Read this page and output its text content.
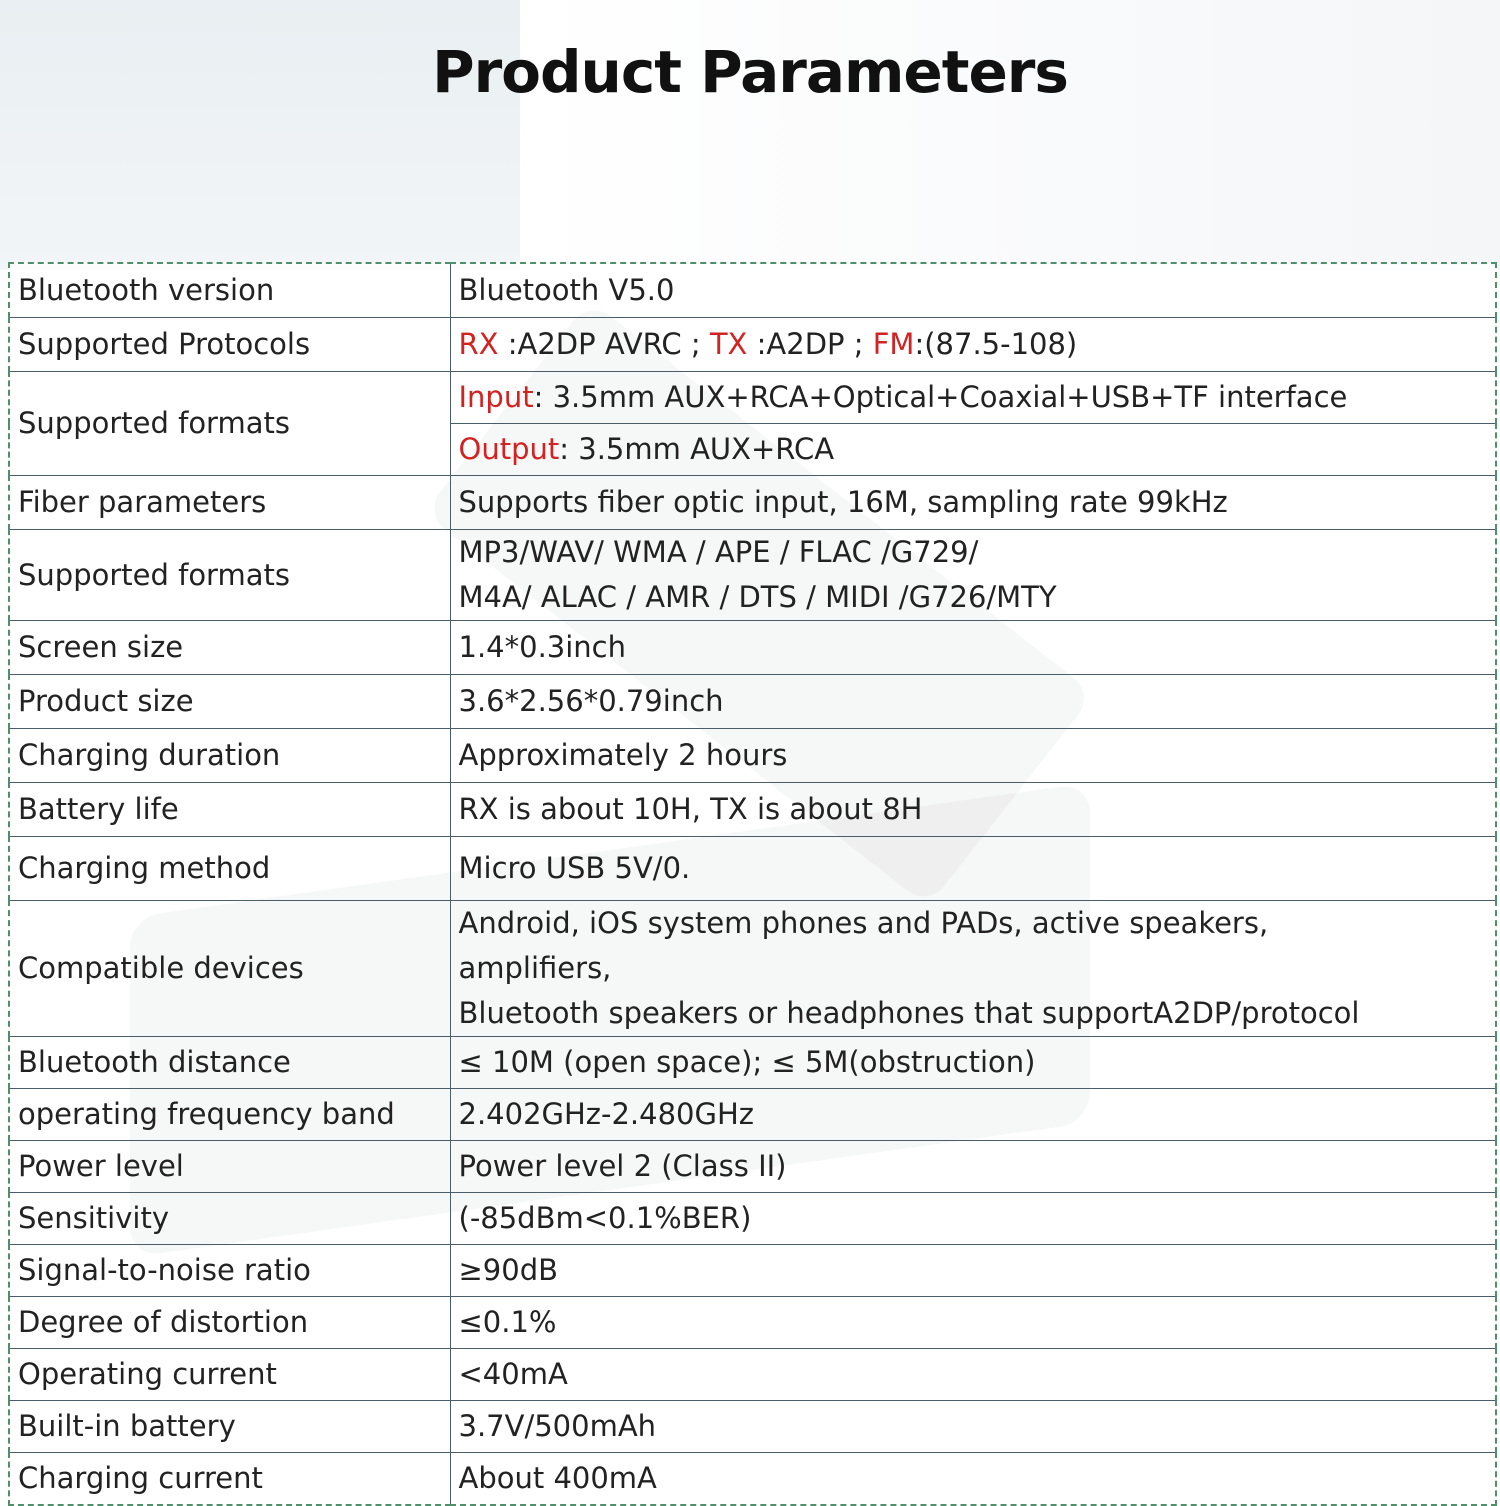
Product Parameters
Bluetooth version	Bluetooth V5.0
Supported Protocols	RX :A2DP AVRC ; TX :A2DP ; FM:(87.5-108)
Supported formats	Input: 3.5mm AUX+RCA+Optical+Coaxial+USB+TF interface
	Output: 3.5mm AUX+RCA
Fiber parameters	Supports fiber optic input, 16M, sampling rate 99kHz
Supported formats	MP3/WAV/ WMA / APE / FLAC /G729/
M4A/ ALAC / AMR / DTS / MIDI /G726/MTY

Screen size	1.4*0.3inch
Product size	3.6*2.56*0.79inch
Charging duration	Approximately 2 hours
Battery life	RX is about 10H, TX is about 8H
Charging method	Micro USB 5V/0.
Compatible devices	Android, iOS system phones and PADs, active speakers,
amplifiers,
Bluetooth speakers or headphones that supportA2DP/protocol

Bluetooth distance	≤ 10M (open space); ≤ 5M(obstruction)
operating frequency band	2.402GHz-2.480GHz
Power level	Power level 2 (Class II)
Sensitivity	(-85dBm<0.1%BER)
Signal-to-noise ratio	≥90dB
Degree of distortion	≤0.1%
Operating current	<40mA
Built-in battery	3.7V/500mAh
Charging current	About 400mA
